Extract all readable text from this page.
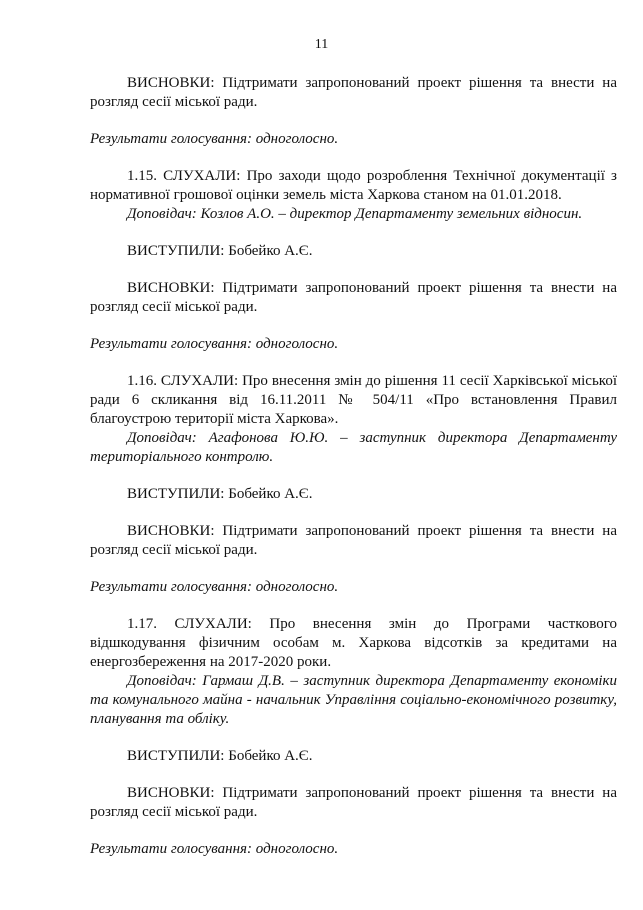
11

ВИСНОВКИ: Підтримати запропонований проект рішення та внести на розгляд сесії міської ради.

Результати голосування: одноголосно.

1.15. СЛУХАЛИ: Про заходи щодо розроблення Технічної документації з нормативної грошової оцінки земель міста Харкова станом на 01.01.2018.

Доповідач: Козлов А.О. – директор Департаменту земельних відносин.

ВИСТУПИЛИ: Бобейко А.Є.

ВИСНОВКИ: Підтримати запропонований проект рішення та внести на розгляд сесії міської ради.

Результати голосування: одноголосно.

1.16. СЛУХАЛИ: Про внесення змін до рішення 11 сесії Харківської міської ради 6 скликання від 16.11.2011 № 504/11 «Про встановлення Правил благоустрою території міста Харкова».

Доповідач: Агафонова Ю.Ю. – заступник директора Департаменту територіального контролю.

ВИСТУПИЛИ: Бобейко А.Є.

ВИСНОВКИ: Підтримати запропонований проект рішення та внести на розгляд сесії міської ради.

Результати голосування: одноголосно.

1.17. СЛУХАЛИ: Про внесення змін до Програми часткового відшкодування фізичним особам м. Харкова відсотків за кредитами на енергозбереження на 2017-2020 роки.

Доповідач: Гармаш Д.В. – заступник директора Департаменту економіки та комунального майна - начальник Управління соціально-економічного розвитку, планування та обліку.

ВИСТУПИЛИ: Бобейко А.Є.

ВИСНОВКИ: Підтримати запропонований проект рішення та внести на розгляд сесії міської ради.

Результати голосування: одноголосно.
